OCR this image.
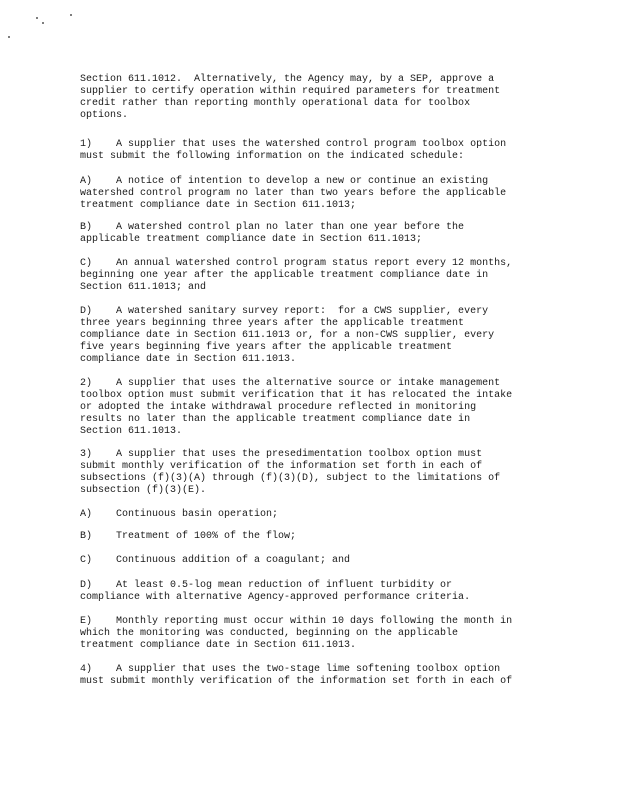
Section 611.1012.  Alternatively, the Agency may, by a SEP, approve a
supplier to certify operation within required parameters for treatment
credit rather than reporting monthly operational data for toolbox
options.

1)    A supplier that uses the watershed control program toolbox option
must submit the following information on the indicated schedule:

A)    A notice of intention to develop a new or continue an existing
watershed control program no later than two years before the applicable
treatment compliance date in Section 611.1013;

B)    A watershed control plan no later than one year before the
applicable treatment compliance date in Section 611.1013;

C)    An annual watershed control program status report every 12 months,
beginning one year after the applicable treatment compliance date in
Section 611.1013; and

D)    A watershed sanitary survey report:  for a CWS supplier, every
three years beginning three years after the applicable treatment
compliance date in Section 611.1013 or, for a non-CWS supplier, every
five years beginning five years after the applicable treatment
compliance date in Section 611.1013.

2)    A supplier that uses the alternative source or intake management
toolbox option must submit verification that it has relocated the intake
or adopted the intake withdrawal procedure reflected in monitoring
results no later than the applicable treatment compliance date in
Section 611.1013.

3)    A supplier that uses the presedimentation toolbox option must
submit monthly verification of the information set forth in each of
subsections (f)(3)(A) through (f)(3)(D), subject to the limitations of
subsection (f)(3)(E).

A)    Continuous basin operation;

B)    Treatment of 100% of the flow;

C)    Continuous addition of a coagulant; and

D)    At least 0.5-log mean reduction of influent turbidity or
compliance with alternative Agency-approved performance criteria.

E)    Monthly reporting must occur within 10 days following the month in
which the monitoring was conducted, beginning on the applicable
treatment compliance date in Section 611.1013.

4)    A supplier that uses the two-stage lime softening toolbox option
must submit monthly verification of the information set forth in each of
